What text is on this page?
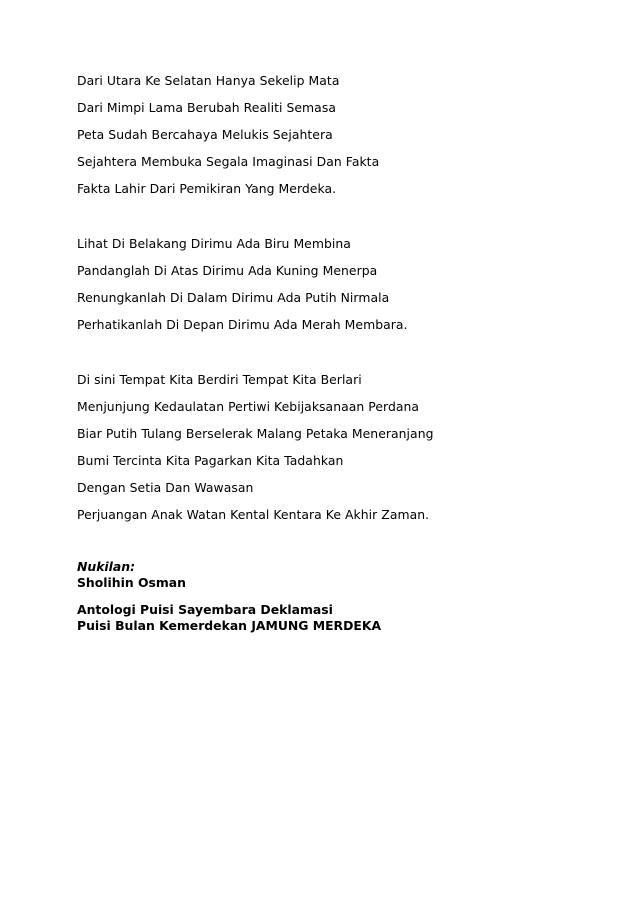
Dari Utara Ke Selatan Hanya Sekelip Mata
Dari Mimpi Lama Berubah Realiti Semasa
Peta Sudah Bercahaya Melukis Sejahtera
Sejahtera Membuka Segala Imaginasi Dan Fakta
Fakta Lahir Dari Pemikiran Yang Merdeka.
Lihat Di Belakang Dirimu Ada Biru Membina
Pandanglah Di Atas Dirimu Ada Kuning Menerpa
Renungkanlah Di Dalam Dirimu Ada Putih Nirmala
Perhatikanlah Di Depan Dirimu Ada Merah Membara.
Di sini Tempat Kita Berdiri Tempat Kita Berlari
Menjunjung Kedaulatan Pertiwi Kebijaksanaan Perdana
Biar Putih Tulang Berselerak Malang Petaka Meneranjang
Bumi Tercinta Kita Pagarkan Kita Tadahkan
Dengan Setia Dan Wawasan
Perjuangan Anak Watan Kental Kentara Ke Akhir Zaman.
Nukilan:
Sholihin Osman
Antologi Puisi Sayembara Deklamasi
Puisi Bulan Kemerdekan JAMUNG MERDEKA
